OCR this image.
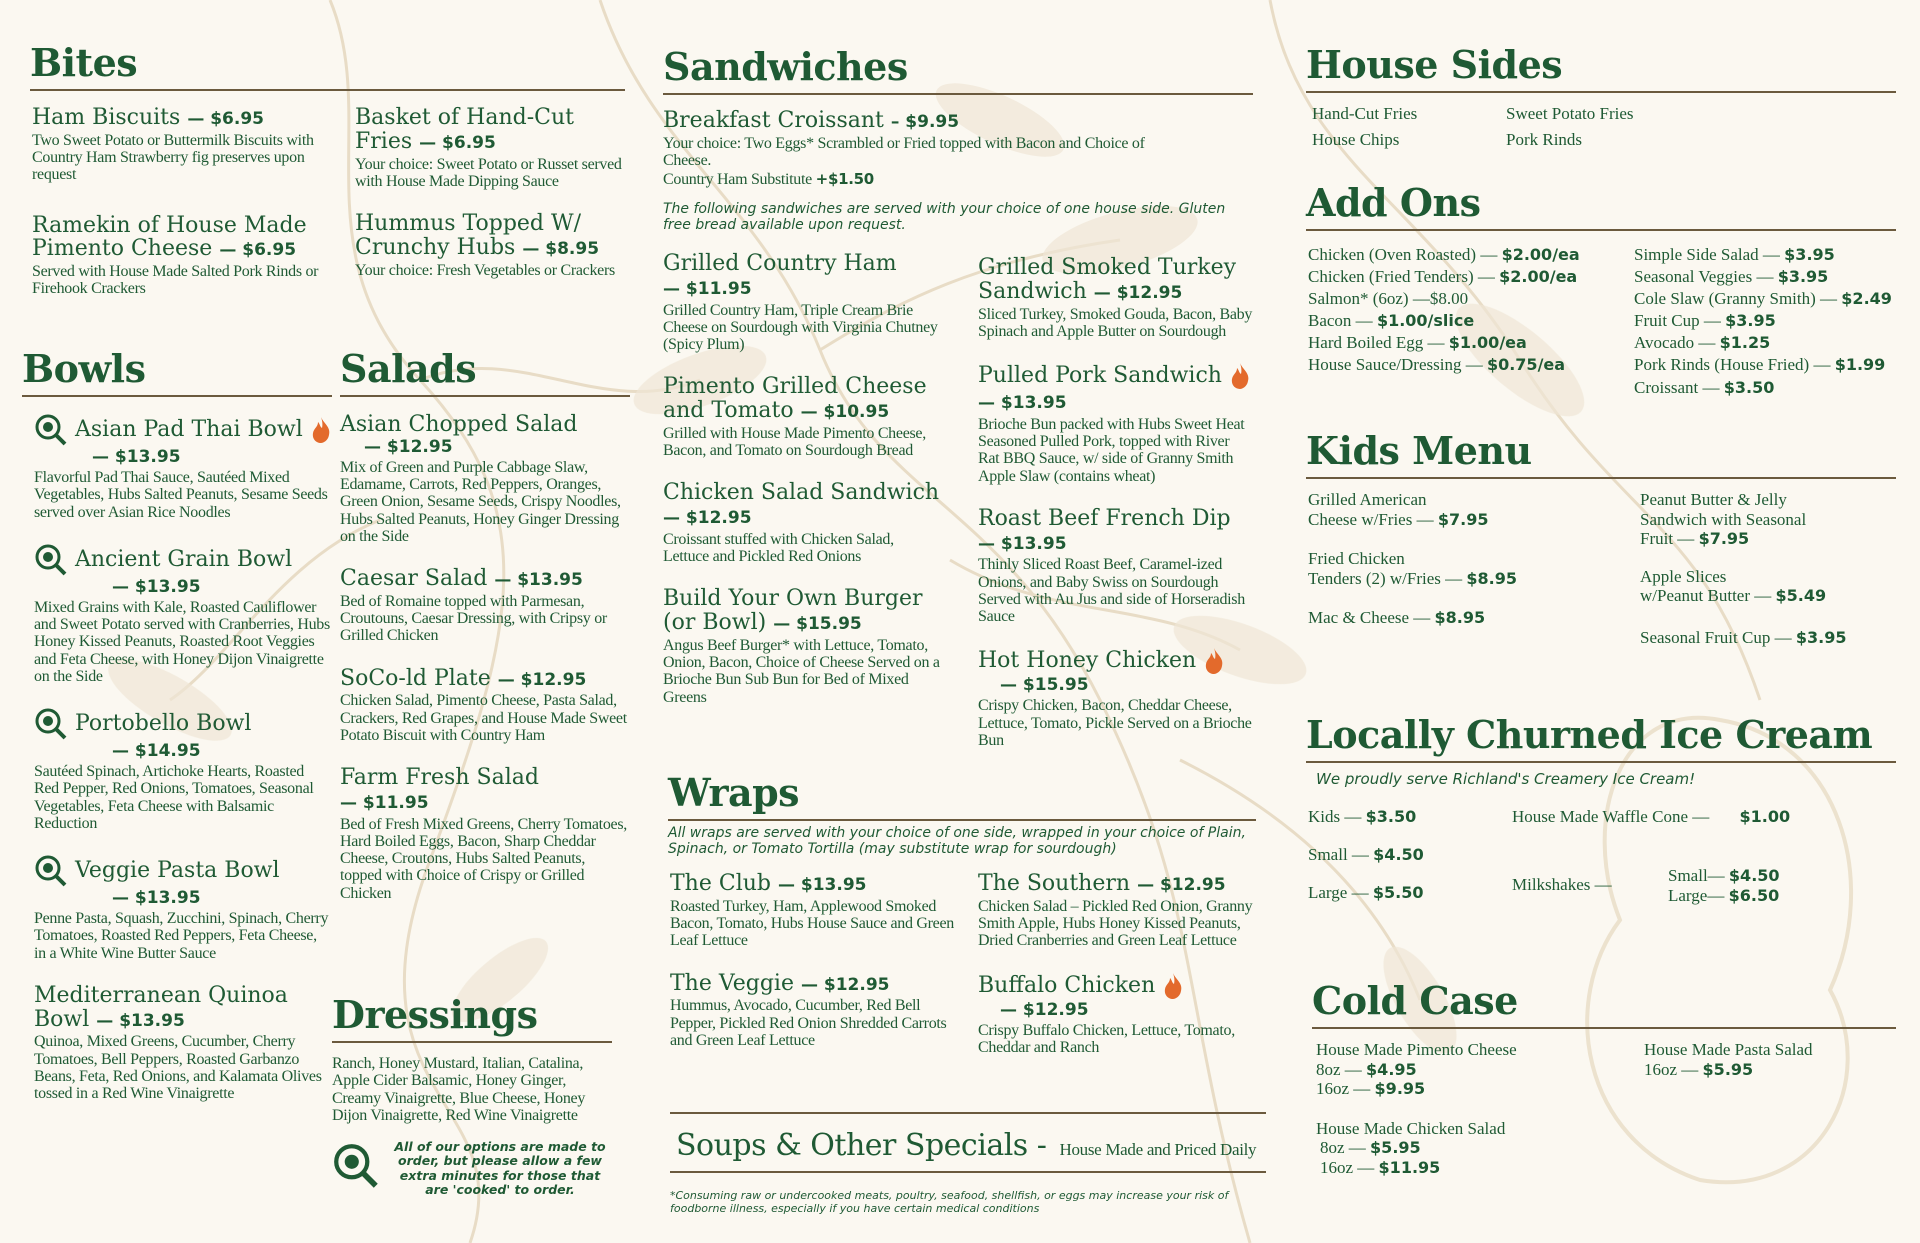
Bites
Ham Biscuits — $6.95
Two Sweet Potato or Buttermilk Biscuits with Country Ham Strawberry fig preserves upon request
Ramekin of House Made Pimento Cheese — $6.95
Served with House Made Salted Pork Rinds or Firehook Crackers
Basket of Hand-Cut Fries — $6.95
Your choice: Sweet Potato or Russet served with House Made Dipping Sauce
Hummus Topped W/ Crunchy Hubs — $8.95
Your choice: Fresh Vegetables or Crackers
Bowls
Asian Pad Thai Bowl
— $13.95
Flavorful Pad Thai Sauce, Sautéed Mixed Vegetables, Hubs Salted Peanuts, Sesame Seeds served over Asian Rice Noodles
Ancient Grain Bowl
— $13.95
Mixed Grains with Kale, Roasted Cauliflower and Sweet Potato served with Cranberries, Hubs Honey Kissed Peanuts, Roasted Root Veggies and Feta Cheese, with Honey Dijon Vinaigrette on the Side
Portobello Bowl
— $14.95
Sautéed Spinach, Artichoke Hearts, Roasted Red Pepper, Red Onions, Tomatoes, Seasonal Vegetables, Feta Cheese with Balsamic Reduction
Veggie Pasta Bowl
— $13.95
Penne Pasta, Squash, Zucchini, Spinach, Cherry Tomatoes, Roasted Red Peppers, Feta Cheese, in a White Wine Butter Sauce
Mediterranean Quinoa Bowl — $13.95
Quinoa, Mixed Greens, Cucumber, Cherry Tomatoes, Bell Peppers, Roasted Garbanzo Beans, Feta, Red Onions, and Kalamata Olives tossed in a Red Wine Vinaigrette
Salads
Asian Chopped Salad
— $12.95
Mix of Green and Purple Cabbage Slaw, Edamame, Carrots, Red Peppers, Oranges, Green Onion, Sesame Seeds, Crispy Noodles, Hubs Salted Peanuts, Honey Ginger Dressing on the Side
Caesar Salad — $13.95
Bed of Romaine topped with Parmesan, Croutouns, Caesar Dressing, with Cripsy or Grilled Chicken
SoCo-ld Plate — $12.95
Chicken Salad, Pimento Cheese, Pasta Salad, Crackers, Red Grapes, and House Made Sweet Potato Biscuit with Country Ham
Farm Fresh Salad — $11.95
Bed of Fresh Mixed Greens, Cherry Tomatoes, Hard Boiled Eggs, Bacon, Sharp Cheddar Cheese, Croutons, Hubs Salted Peanuts, topped with Choice of Crispy or Grilled Chicken
Dressings
Ranch, Honey Mustard, Italian, Catalina, Apple Cider Balsamic, Honey Ginger, Creamy Vinaigrette, Blue Cheese, Honey Dijon Vinaigrette, Red Wine Vinaigrette
All of our options are made to order, but please allow a few extra minutes for those that are 'cooked' to order.
Sandwiches
Breakfast Croissant – $9.95
Your choice: Two Eggs* Scrambled or Fried topped with Bacon and Choice of Cheese.
Country Ham Substitute +$1.50
The following sandwiches are served with your choice of one house side. Gluten free bread available upon request.
Grilled Country Ham — $11.95
Grilled Country Ham, Triple Cream Brie Cheese on Sourdough with Virginia Chutney (Spicy Plum)
Pimento Grilled Cheese and Tomato — $10.95
Grilled with House Made Pimento Cheese, Bacon, and Tomato on Sourdough Bread
Chicken Salad Sandwich — $12.95
Croissant stuffed with Chicken Salad, Lettuce and Pickled Red Onions
Build Your Own Burger (or Bowl) — $15.95
Angus Beef Burger* with Lettuce, Tomato, Onion, Bacon, Choice of Cheese Served on a Brioche Bun Sub Bun for Bed of Mixed Greens
Grilled Smoked Turkey Sandwich — $12.95
Sliced Turkey, Smoked Gouda, Bacon, Baby Spinach and Apple Butter on Sourdough
Pulled Pork Sandwich  — $13.95
Brioche Bun packed with Hubs Sweet Heat Seasoned Pulled Pork, topped with River Rat BBQ Sauce, w/ side of Granny Smith Apple Slaw (contains wheat)
Roast Beef French Dip — $13.95
Thinly Sliced Roast Beef, Caramel-ized Onions, and Baby Swiss on Sourdough Served with Au Jus and side of Horseradish Sauce
Hot Honey Chicken
— $15.95
Crispy Chicken, Bacon, Cheddar Cheese, Lettuce, Tomato, Pickle Served on a Brioche Bun
Wraps
All wraps are served with your choice of one side, wrapped in your choice of Plain, Spinach, or Tomato Tortilla (may substitute wrap for sourdough)
The Club — $13.95
Roasted Turkey, Ham, Applewood Smoked Bacon, Tomato, Hubs House Sauce and Green Leaf Lettuce
The Veggie — $12.95
Hummus, Avocado, Cucumber, Red Bell Pepper, Pickled Red Onion Shredded Carrots and Green Leaf Lettuce
The Southern — $12.95
Chicken Salad – Pickled Red Onion, Granny Smith Apple, Hubs Honey Kissed Peanuts, Dried Cranberries and Green Leaf Lettuce
Buffalo Chicken
— $12.95
Crispy Buffalo Chicken, Lettuce, Tomato, Cheddar and Ranch
Soups & Other Specials - House Made and Priced Daily
*Consuming raw or undercooked meats, poultry, seafood, shellfish, or eggs may increase your risk of foodborne illness, especially if you have certain medical conditions
House Sides
Hand-Cut Fries	Sweet Potato Fries
House Chips	Pork Rinds
Add Ons
Chicken (Oven Roasted) — $2.00/ea
Chicken (Fried Tenders) — $2.00/ea
Salmon* (6oz) —$8.00
Bacon — $1.00/slice
Hard Boiled Egg — $1.00/ea
House Sauce/Dressing — $0.75/ea
Simple Side Salad — $3.95
Seasonal Veggies — $3.95
Cole Slaw (Granny Smith) — $2.49
Fruit Cup — $3.95
Avocado — $1.25
Pork Rinds (House Fried) — $1.99
Croissant — $3.50
Kids Menu
Grilled American
Cheese w/Fries — $7.95
Fried Chicken
Tenders (2) w/Fries — $8.95
Mac & Cheese — $8.95
Peanut Butter & Jelly
Sandwich with Seasonal
Fruit — $7.95
Apple Slices
w/Peanut Butter — $5.49
Seasonal Fruit Cup — $3.95
Locally Churned Ice Cream
We proudly serve Richland's Creamery Ice Cream!
Kids — $3.50
Small — $4.50
Large — $5.50
House Made Waffle Cone — $1.00
Milkshakes —	Small— $4.50
Large— $6.50
Cold Case
House Made Pimento Cheese
8oz — $4.95
16oz — $9.95
House Made Chicken Salad
8oz — $5.95
16oz — $11.95
House Made Pasta Salad
16oz — $5.95
